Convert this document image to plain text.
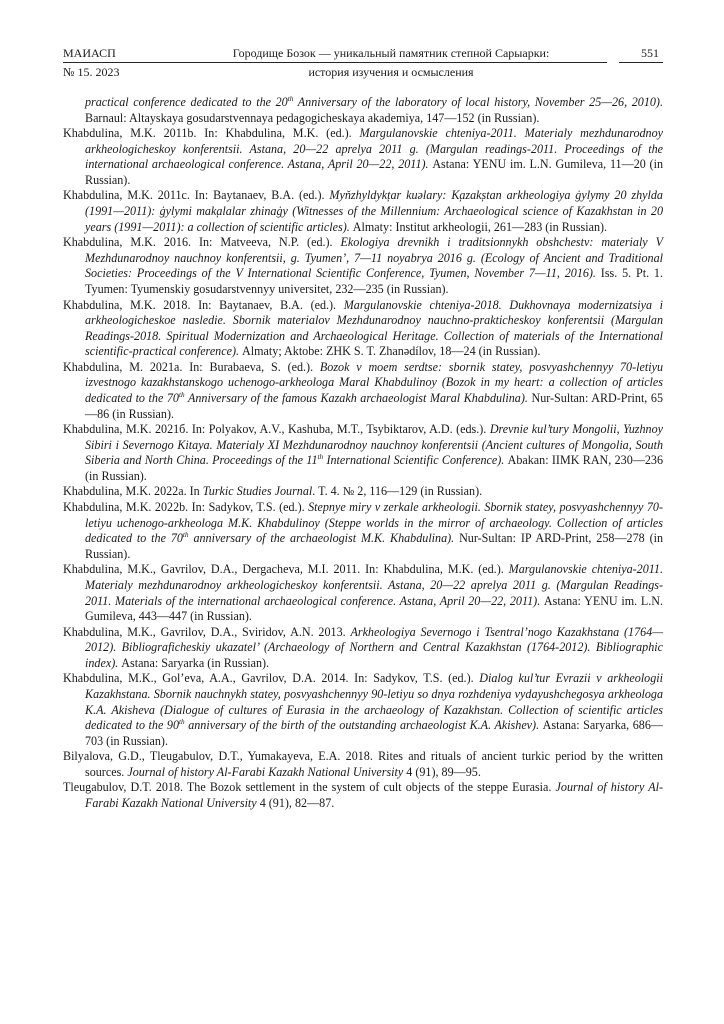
МАИАСП	Городище Бозок — уникальный памятник степной Сарыарки:	551
№ 15. 2023	история изучения и осмысления

practical conference dedicated to the 20th Anniversary of the laboratory of local history, November 25—26, 2010). Barnaul: Altayskaya gosudarstvennaya pedagogicheskaya akademiya, 147—152 (in Russian).

Khabdulina, M.K. 2011b. In: Khabdulina, M.K. (ed.). Margulanovskie chteniya-2011. Materialy mezhdunarodnoy arkheologicheskoy konferentsii. Astana, 20—22 aprelya 2011 g. (Margulan readings-2011. Proceedings of the international archaeological conference. Astana, April 20—22, 2011). Astana: YENU im. L.N. Gumileva, 11—20 (in Russian).

Khabdulina, M.K. 2011c. In: Baytanaev, B.A. (ed.). Myňzhyldyk̦tar kuəlary: K̦azak̦stan arkheologiya ġylymy 20 zhylda (1991—2011): ġylymi mak̦alalar zhinaġy (Witnesses of the Millennium: Archaeological science of Kazakhstan in 20 years (1991—2011): a collection of scientific articles). Almaty: Institut arkheologii, 261—283 (in Russian).

Khabdulina, M.K. 2016. In: Matveeva, N.P. (ed.). Ekologiya drevnikh i traditsionnykh obshchestv: materialy V Mezhdunarodnoy nauchnoy konferentsii, g. Tyumen’, 7—11 noyabrya 2016 g. (Ecology of Ancient and Traditional Societies: Proceedings of the V International Scientific Conference, Tyumen, November 7—11, 2016). Iss. 5. Pt. 1. Tyumen: Tyumenskiy gosudarstvennyy universitet, 232—235 (in Russian).

Khabdulina, M.K. 2018. In: Baytanaev, B.A. (ed.). Margulanovskie chteniya-2018. Dukhovnaya modernizatsiya i arkheologicheskoe nasledie. Sbornik materialov Mezhdunarodnoy nauchno-prakticheskoy konferentsii (Margulan Readings-2018. Spiritual Modernization and Archaeological Heritage. Collection of materials of the International scientific-practical conference). Almaty; Aktobe: ZHK S. T. Zhanədílov, 18—24 (in Russian).

Khabdulina, M. 2021a. In: Burabaeva, S. (ed.). Bozok v moem serdtse: sbornik statey, posvyashchennyy 70-letiyu izvestnogo kazakhstanskogo uchenogo-arkheologa Maral Khabdulinoy (Bozok in my heart: a collection of articles dedicated to the 70th Anniversary of the famous Kazakh archaeologist Maral Khabdulina). Nur-Sultan: ARD-Print, 65—86 (in Russian).

Khabdulina, M.K. 2021б. In: Polyakov, A.V., Kashuba, M.T., Tsybiktarov, A.D. (eds.). Drevnie kul’tury Mongolii, Yuzhnoy Sibiri i Severnogo Kitaya. Materialy XI Mezhdunarodnoy nauchnoy konferentsii (Ancient cultures of Mongolia, South Siberia and North China. Proceedings of the 11th International Scientific Conference). Abakan: IIMK RAN, 230—236 (in Russian).

Khabdulina, M.K. 2022a. In Turkic Studies Journal. T. 4. № 2, 116—129 (in Russian).

Khabdulina, M.K. 2022b. In: Sadykov, T.S. (ed.). Stepnye miry v zerkale arkheologii. Sbornik statey, posvyashchennyy 70-letiyu uchenogo-arkheologa M.K. Khabdulinoy (Steppe worlds in the mirror of archaeology. Collection of articles dedicated to the 70th anniversary of the archaeologist M.K. Khabdulina). Nur-Sultan: IP ARD-Print, 258—278 (in Russian).

Khabdulina, M.K., Gavrilov, D.A., Dergacheva, M.I. 2011. In: Khabdulina, M.K. (ed.). Margulanovskie chteniya-2011. Materialy mezhdunarodnoy arkheologicheskoy konferentsii. Astana, 20—22 aprelya 2011 g. (Margulan Readings-2011. Materials of the international archaeological conference. Astana, April 20—22, 2011). Astana: YENU im. L.N. Gumileva, 443—447 (in Russian).

Khabdulina, M.K., Gavrilov, D.A., Sviridov, A.N. 2013. Arkheologiya Severnogo i Tsentral’nogo Kazakhstana (1764—2012). Bibliograficheskiy ukazatel’ (Archaeology of Northern and Central Kazakhstan (1764-2012). Bibliographic index). Astana: Saryarka (in Russian).

Khabdulina, M.K., Gol’eva, A.A., Gavrilov, D.A. 2014. In: Sadykov, T.S. (ed.). Dialog kul’tur Evrazii v arkheologii Kazakhstana. Sbornik nauchnykh statey, posvyashchennyy 90-letiyu so dnya rozhdeniya vydayushchegosya arkheologa K.A. Akisheva (Dialogue of cultures of Eurasia in the archaeology of Kazakhstan. Collection of scientific articles dedicated to the 90th anniversary of the birth of the outstanding archaeologist K.A. Akishev). Astana: Saryarka, 686—703 (in Russian).

Bilyalova, G.D., Tleugabulov, D.T., Yumakayeva, E.A. 2018. Rites and rituals of ancient turkic period by the written sources. Journal of history Al-Farabi Kazakh National University 4 (91), 89—95.

Tleugabulov, D.T. 2018. The Bozok settlement in the system of cult objects of the steppe Eurasia. Journal of history Al-Farabi Kazakh National University 4 (91), 82—87.
